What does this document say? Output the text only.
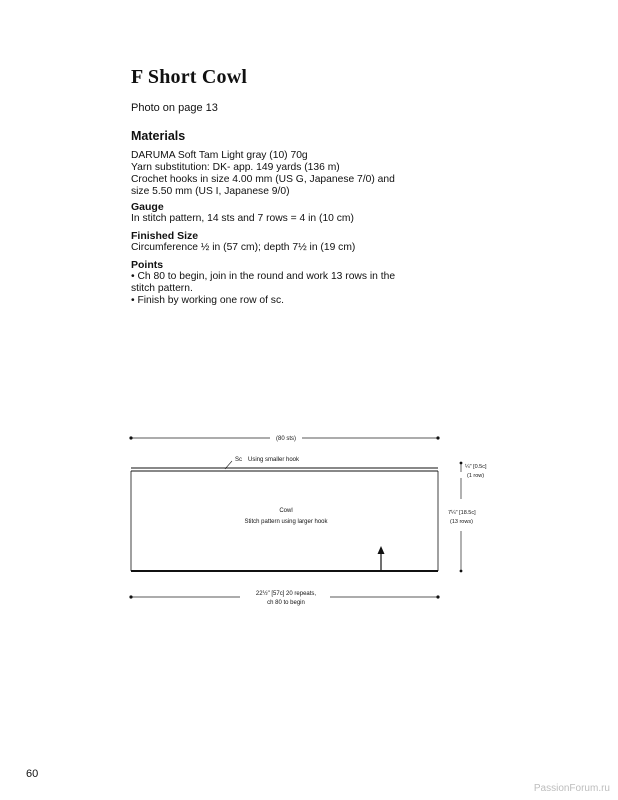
F Short Cowl
Photo on page 13
Materials

DARUMA Soft Tam Light gray (10) 70g

Yarn substitution: DK- app. 149 yards (136 m)

Crochet hooks in size 4.00 mm (US G, Japanese 7/0) and

size 5.50 mm (US I, Japanese 9/0)

Gauge
In stitch pattern, 14 sts and 7 rows = 4 in (10 cm)
Finished Size
Circumference ½ in (57 cm); depth 7½ in (19 cm)
Points

• Ch 80 to begin, join in the round and work 13 rows in the

stitch pattern.

• Finish by working one row of sc.

(80 sts)
Sc Using smaller hook
Cowl
Stitch pattern using larger hook
¼" [0.5c]
(1 row)
7¼" [18.5c]
(13 rows)
22½" [57c] 20 repeats,
ch 80 to begin
60
PassionForum.ru
